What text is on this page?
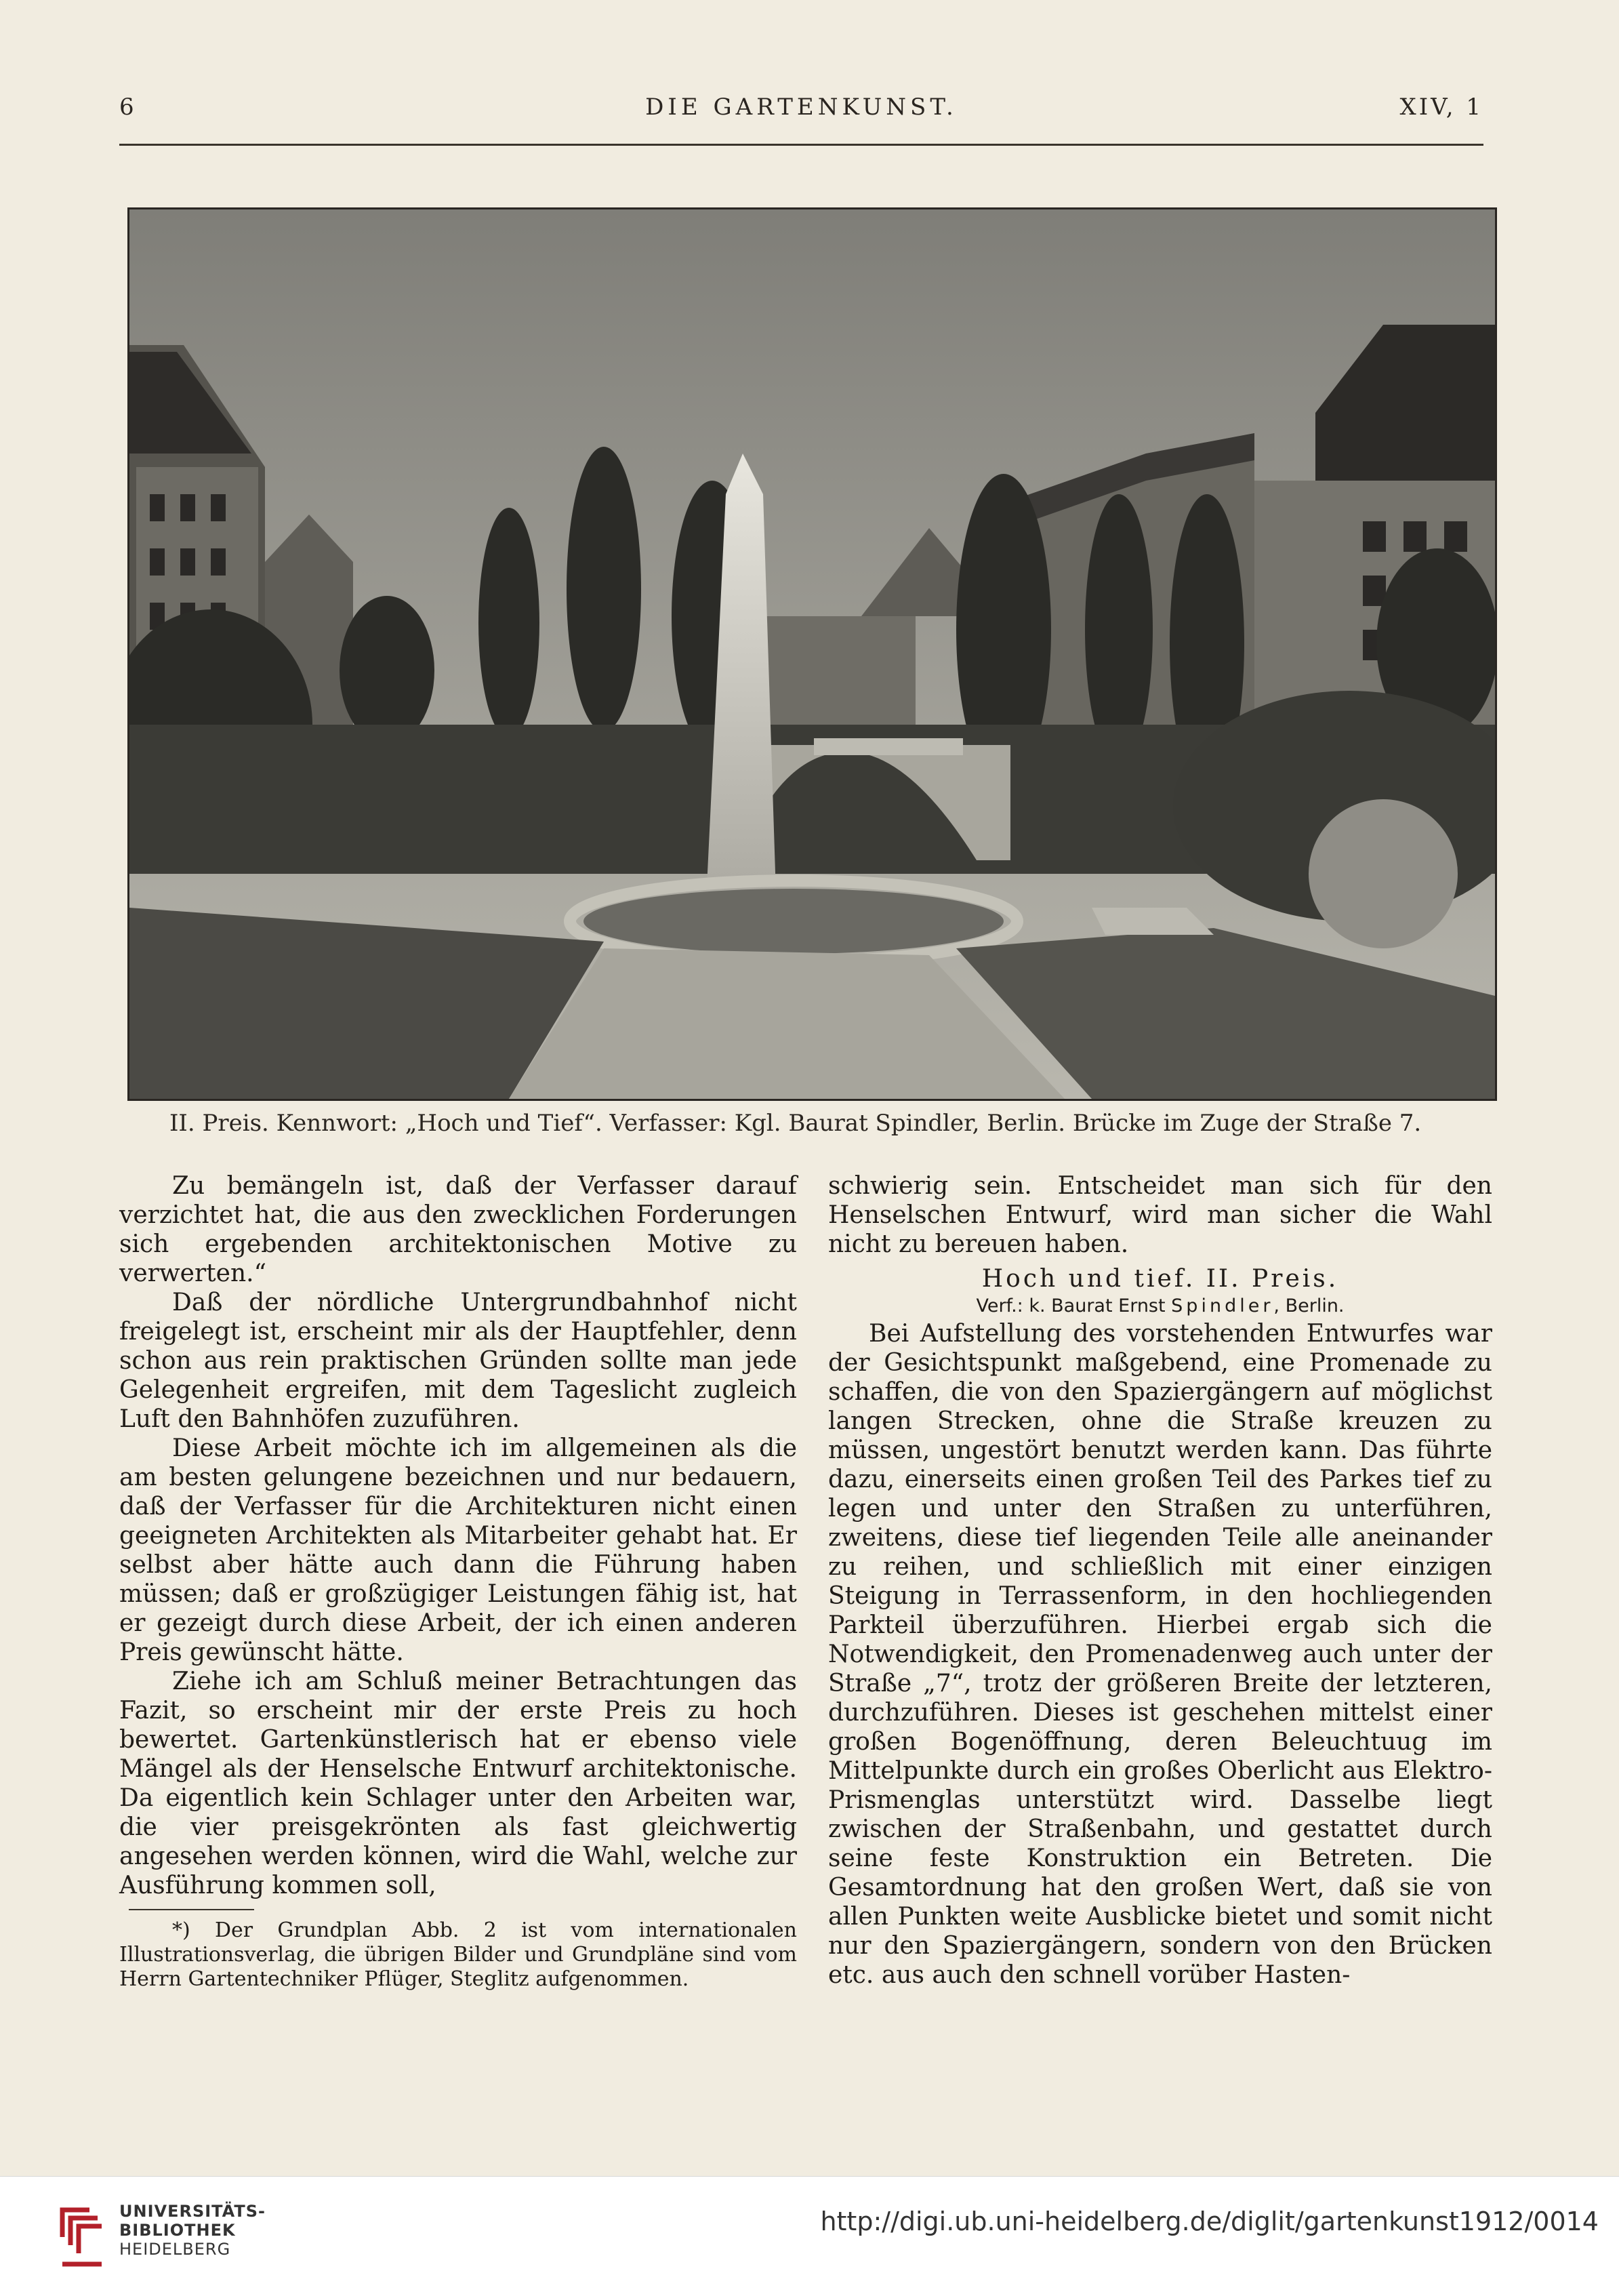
6	DIE GARTENKUNST.	XIV, 1
II. Preis. Kennwort: „Hoch und Tief“. Verfasser: Kgl. Baurat Spindler, Berlin. Brücke im Zuge der Straße 7.

Zu bemängeln ist, daß der Verfasser darauf verzichtet hat, die aus den zwecklichen Forderungen sich ergebenden architektonischen Motive zu verwerten.“

Daß der nördliche Untergrundbahnhof nicht freigelegt ist, erscheint mir als der Hauptfehler, denn schon aus rein praktischen Gründen sollte man jede Gelegenheit ergreifen, mit dem Tageslicht zugleich Luft den Bahnhöfen zuzuführen.

Diese Arbeit möchte ich im allgemeinen als die am besten gelungene bezeichnen und nur bedauern, daß der Verfasser für die Architekturen nicht einen geeigneten Architekten als Mitarbeiter gehabt hat. Er selbst aber hätte auch dann die Führung haben müssen; daß er großzügiger Leistungen fähig ist, hat er gezeigt durch diese Arbeit, der ich einen anderen Preis gewünscht hätte.

Ziehe ich am Schluß meiner Betrachtungen das Fazit, so erscheint mir der erste Preis zu hoch bewertet. Gartenkünstlerisch hat er ebenso viele Mängel als der Henselsche Entwurf architektonische. Da eigentlich kein Schlager unter den Arbeiten war, die vier preisgekrönten als fast gleichwertig angesehen werden können, wird die Wahl, welche zur Ausführung kommen soll,

*) Der Grundplan Abb. 2 ist vom internationalen Illustrationsverlag, die übrigen Bilder und Grundpläne sind vom Herrn Gartentechniker Pflüger, Steglitz aufgenommen.

schwierig sein. Entscheidet man sich für den Henselschen Entwurf, wird man sicher die Wahl nicht zu bereuen haben.

Hoch und tief. II. Preis.

Verf.: k. Baurat Ernst Spindler, Berlin.

Bei Aufstellung des vorstehenden Entwurfes war der Gesichtspunkt maßgebend, eine Promenade zu schaffen, die von den Spaziergängern auf möglichst langen Strecken, ohne die Straße kreuzen zu müssen, ungestört benutzt werden kann. Das führte dazu, einerseits einen großen Teil des Parkes tief zu legen und unter den Straßen zu unterführen, zweitens, diese tief liegenden Teile alle aneinander zu reihen, und schließlich mit einer einzigen Steigung in Terrassenform, in den hochliegenden Parkteil überzuführen. Hierbei ergab sich die Notwendigkeit, den Promenadenweg auch unter der Straße „7“, trotz der größeren Breite der letzteren, durchzuführen. Dieses ist geschehen mittelst einer großen Bogenöffnung, deren Beleuchtuug im Mittelpunkte durch ein großes Oberlicht aus Elektro-Prismenglas unterstützt wird. Dasselbe liegt zwischen der Straßenbahn, und gestattet durch seine feste Konstruktion ein Betreten. Die Gesamtordnung hat den großen Wert, daß sie von allen Punkten weite Ausblicke bietet und somit nicht nur den Spaziergängern, sondern von den Brücken etc. aus auch den schnell vorüber Hasten-

UNIVERSITÄTS-
BIBLIOTHEK
HEIDELBERG
http://digi.ub.uni-heidelberg.de/diglit/gartenkunst1912/0014
